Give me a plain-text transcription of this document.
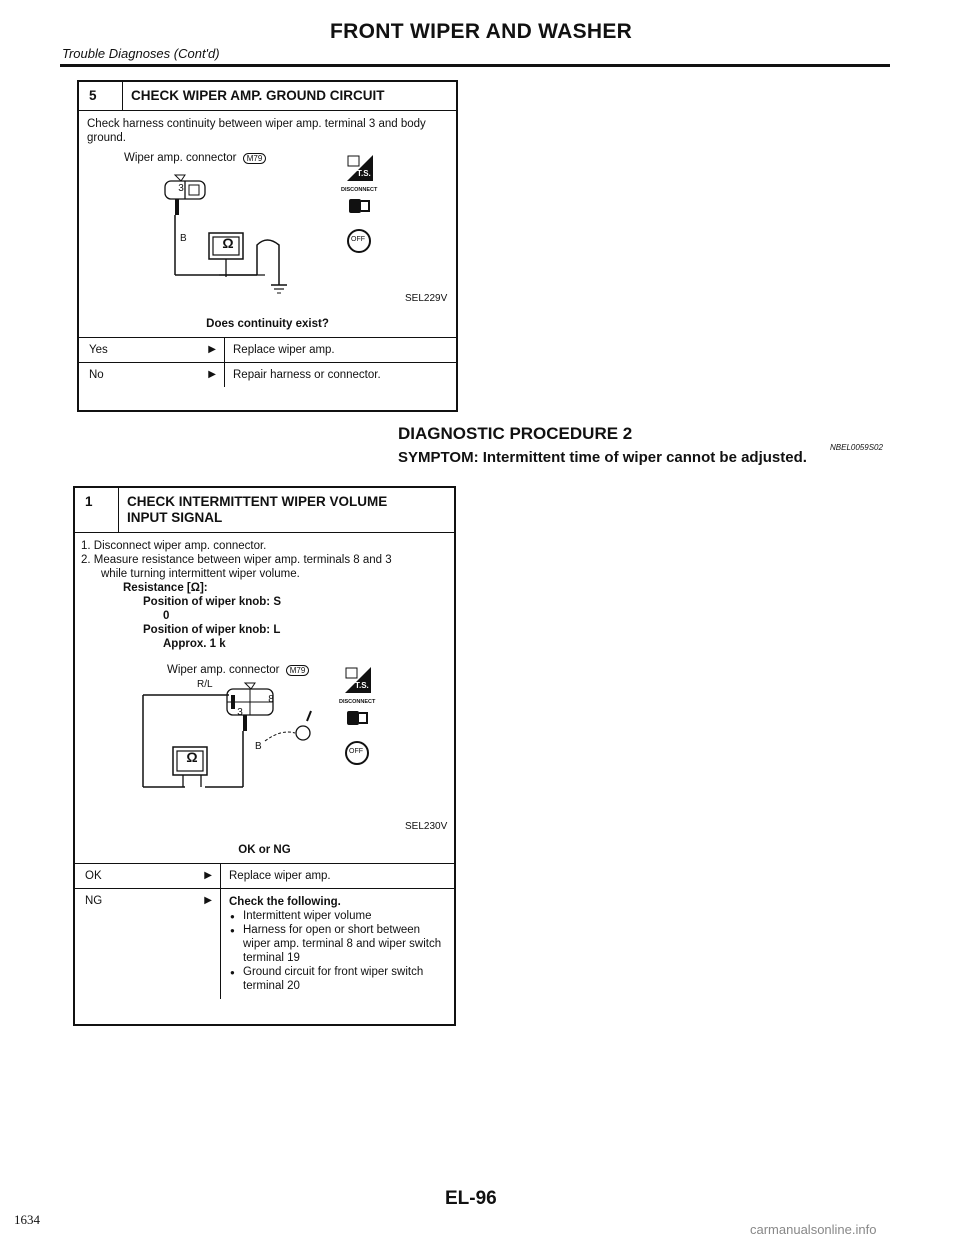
FRONT WIPER AND WASHER
Trouble Diagnoses (Cont'd)
5	CHECK WIPER AMP. GROUND CIRCUIT
Check harness continuity between wiper amp. terminal 3 and body ground.
Wiper amp. connector M79
3
B	Ω
T.S.
DISCONNECT
OFF
SEL229V
Does continuity exist?
Yes	▶	Replace wiper amp.
No	▶	Repair harness or connector.
DIAGNOSTIC PROCEDURE 2
NBEL0059S02
SYMPTOM: Intermittent time of wiper cannot be adjusted.
1	CHECK INTERMITTENT WIPER VOLUME
INPUT SIGNAL
1. Disconnect wiper amp. connector.
2. Measure resistance between wiper amp. terminals 8 and 3
while turning intermittent wiper volume.
Resistance [Ω]:
Position of wiper knob: S
0
Position of wiper knob: L
Approx. 1 k
Wiper amp. connector M79
R/L
8
3
B
Ω
T.S.
DISCONNECT
OFF
SEL230V
OK or NG
OK	▶	Replace wiper amp.
NG	▶ Check the following.
● Intermittent wiper volume
● Harness for open or short between wiper amp. terminal 8 and wiper switch terminal 19
● Ground circuit for front wiper switch terminal 20
EL-96
1634
carmanualsonline.info
